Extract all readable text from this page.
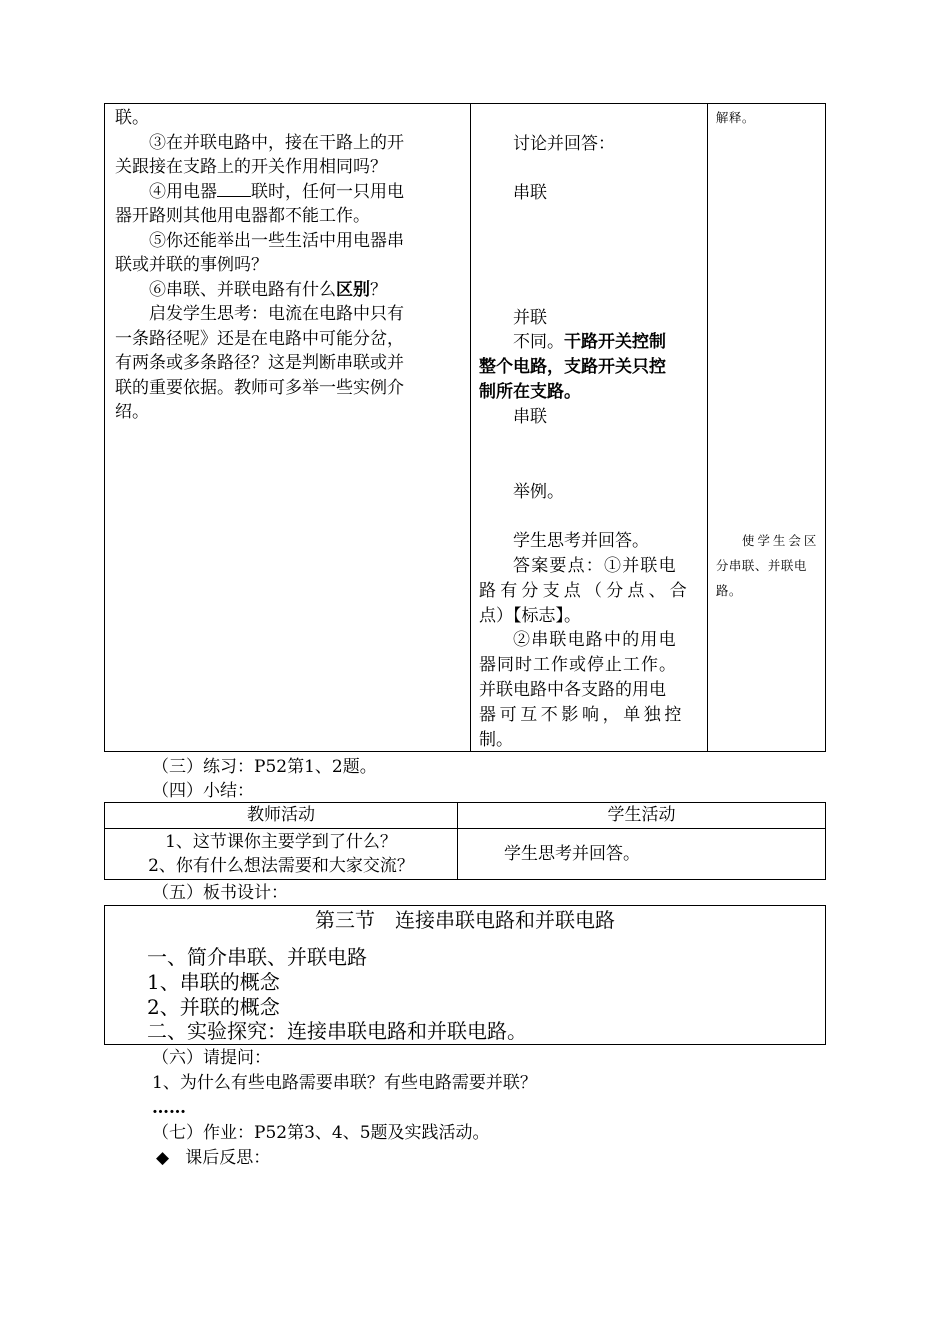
联。
③在并联电路中，接在干路上的开
关跟接在支路上的开关作用相同吗？
④用电器 联时，任何一只用电
器开路则其他用电器都不能工作。
⑤你还能举出一些生活中用电器串
联或并联的事例吗？
⑥串联、并联电路有什么区别？
启发学生思考：电流在电路中只有
一条路径呢》还是在电路中可能分岔，
有两条或多条路径？这是判断串联或并
联的重要依据。教师可多举一些实例介
绍。

讨论并回答：
串联
并联
不同。干路开关控制
整个电路，支路开关只控
制所在支路。
串联
举例。
学生思考并回答。
答案要点：①并联电
路有分支点（分点、合
点）【标志】。
②串联电路中的用电
器同时工作或停止工作。
并联电路中各支路的用电
器可互不影响，单独控
制。

解释。
使学生会区
分串联、并联电
路。
（三）练习：P52第1、2题。
（四）小结：
教师活动	学生活动

1、这节课你主要学到了什么？
2、你有什么想法需要和大家交流？	学生思考并回答。
（五）板书设计：
第三节　连接串联电路和并联电路
一、简介串联、并联电路
1、串联的概念
2、并联的概念
二、实验探究：连接串联电路和并联电路。
（六）请提问：
1、为什么有些电路需要串联？有些电路需要并联？
……
（七）作业：P52第3、4、5题及实践活动。
◆ 课后反思：
